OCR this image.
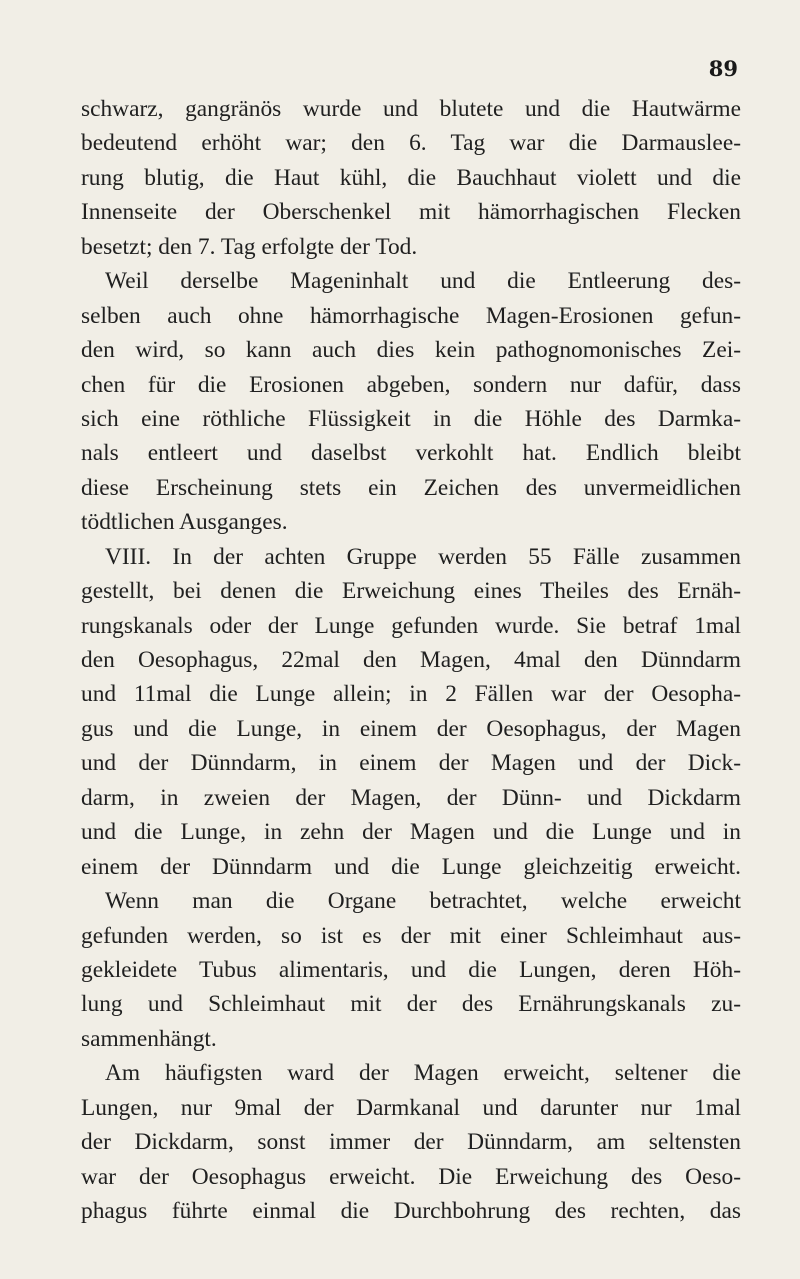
89
schwarz, gangränös wurde und blutete und die Hautwärme
bedeutend erhöht war; den 6. Tag war die Darmauslee-
rung blutig, die Haut kühl, die Bauchhaut violett und die
Innenseite der Oberschenkel mit hämorrhagischen Flecken
besetzt; den 7. Tag erfolgte der Tod.
Weil derselbe Mageninhalt und die Entleerung des-
selben auch ohne hämorrhagische Magen-Erosionen gefun-
den wird, so kann auch dies kein pathognomonisches Zei-
chen für die Erosionen abgeben, sondern nur dafür, dass
sich eine röthliche Flüssigkeit in die Höhle des Darmka-
nals entleert und daselbst verkohlt hat. Endlich bleibt
diese Erscheinung stets ein Zeichen des unvermeidlichen
tödtlichen Ausganges.
VIII. In der achten Gruppe werden 55 Fälle zusammen
gestellt, bei denen die Erweichung eines Theiles des Ernäh-
rungskanals oder der Lunge gefunden wurde. Sie betraf 1mal
den Oesophagus, 22mal den Magen, 4mal den Dünndarm
und 11mal die Lunge allein; in 2 Fällen war der Oesopha-
gus und die Lunge, in einem der Oesophagus, der Magen
und der Dünndarm, in einem der Magen und der Dick-
darm, in zweien der Magen, der Dünn- und Dickdarm
und die Lunge, in zehn der Magen und die Lunge und in
einem der Dünndarm und die Lunge gleichzeitig erweicht.
Wenn man die Organe betrachtet, welche erweicht
gefunden werden, so ist es der mit einer Schleimhaut aus-
gekleidete Tubus alimentaris, und die Lungen, deren Höh-
lung und Schleimhaut mit der des Ernährungskanals zu-
sammenhängt.
Am häufigsten ward der Magen erweicht, seltener die
Lungen, nur 9mal der Darmkanal und darunter nur 1mal
der Dickdarm, sonst immer der Dünndarm, am seltensten
war der Oesophagus erweicht. Die Erweichung des Oeso-
phagus führte einmal die Durchbohrung des rechten, das
